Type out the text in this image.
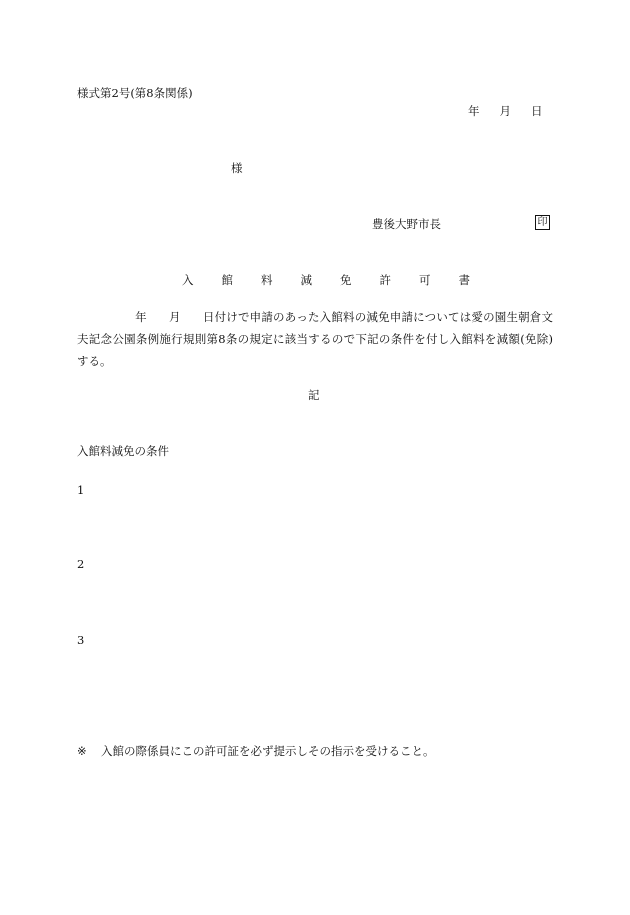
様式第2号(第8条関係)
年 月 日
様
豊後大野市長	印
入館料減免許可書
年 月 日付けで申請のあった入館料の減免申請については愛の園生朝倉文夫記念公園条例施行規則第8条の規定に該当するので下記の条件を付し入館料を減額(免除)する。
記
入館料減免の条件
1
2
3
※ 入館の際係員にこの許可証を必ず提示しその指示を受けること。
